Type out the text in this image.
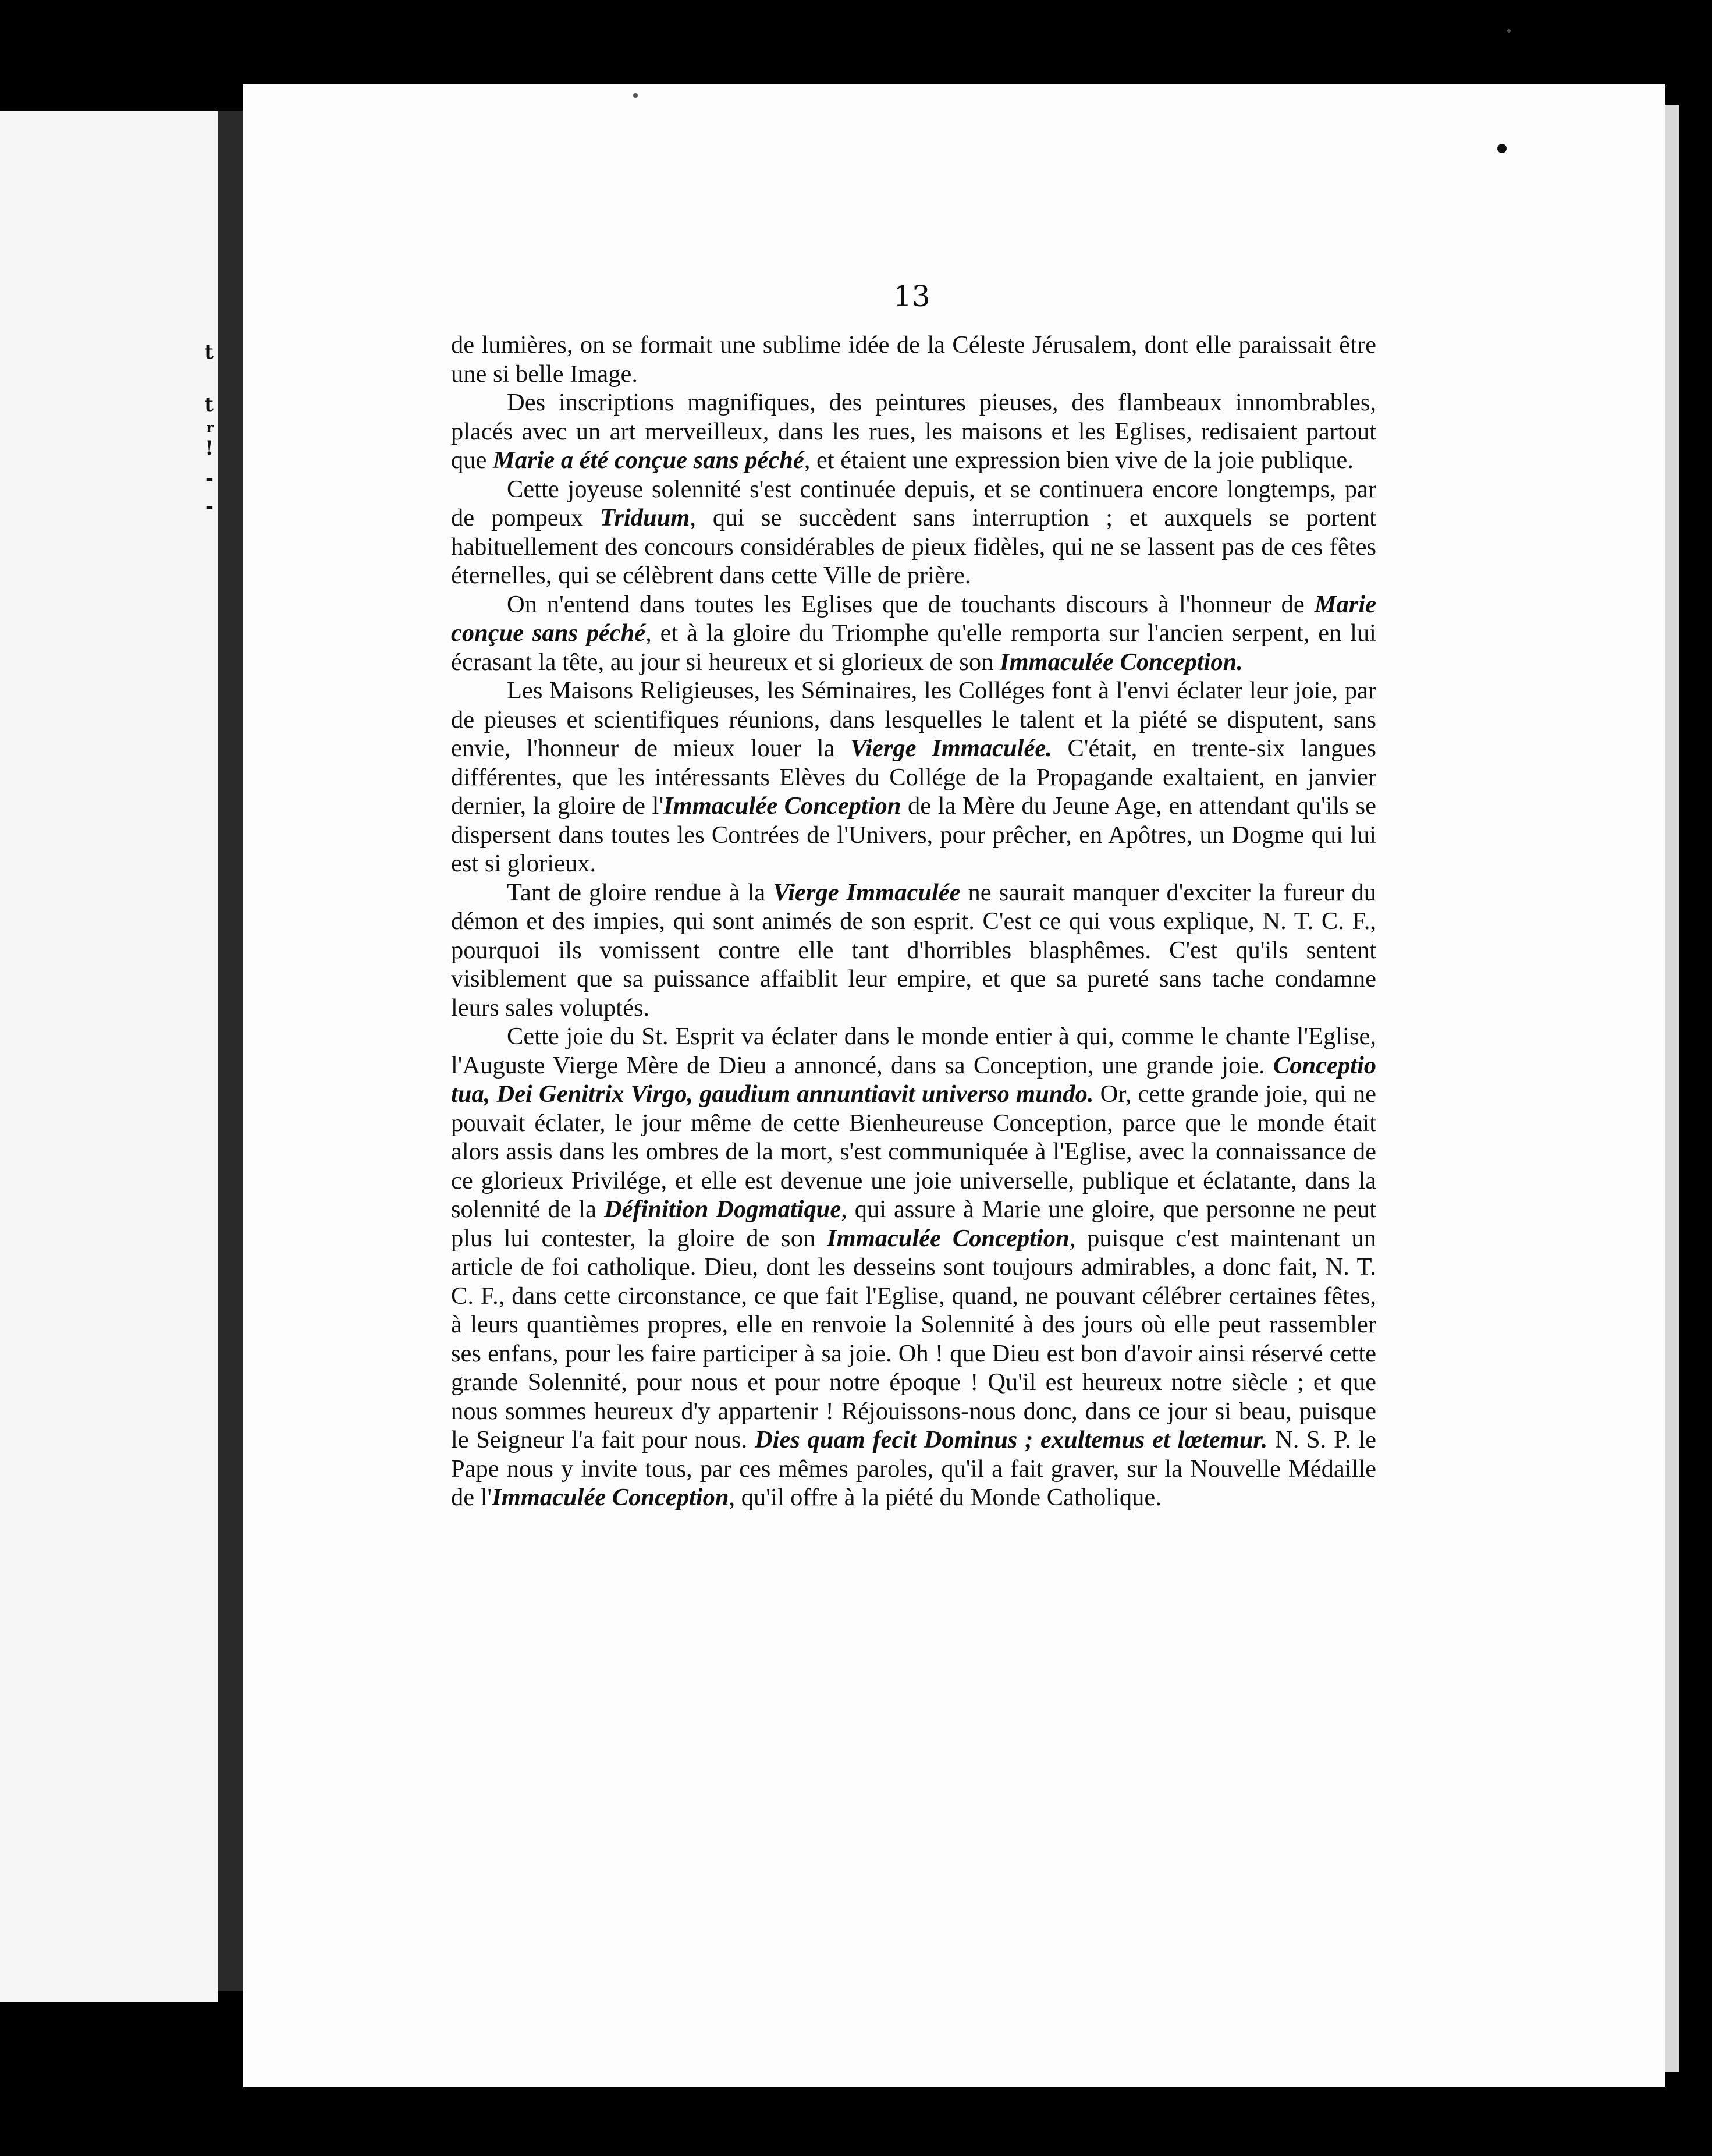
t
t
r
!
-
-
13

de lumières, on se formait une sublime idée de la Céleste Jérusalem, dont elle paraissait être une si belle Image.

Des inscriptions magnifiques, des peintures pieuses, des flambeaux innombrables, placés avec un art merveilleux, dans les rues, les maisons et les Eglises, redisaient partout que Marie a été conçue sans péché, et étaient une expression bien vive de la joie publique.

Cette joyeuse solennité s'est continuée depuis, et se continuera encore longtemps, par de pompeux Triduum, qui se succèdent sans interruption ; et auxquels se portent habituellement des concours considérables de pieux fidèles, qui ne se lassent pas de ces fêtes éternelles, qui se célèbrent dans cette Ville de prière.

On n'entend dans toutes les Eglises que de touchants discours à l'honneur de Marie conçue sans péché, et à la gloire du Triomphe qu'elle remporta sur l'ancien serpent, en lui écrasant la tête, au jour si heureux et si glorieux de son Immaculée Conception.

Les Maisons Religieuses, les Séminaires, les Colléges font à l'envi éclater leur joie, par de pieuses et scientifiques réunions, dans lesquelles le talent et la piété se disputent, sans envie, l'honneur de mieux louer la Vierge Immaculée. C'était, en trente-six langues différentes, que les intéressants Elèves du Collége de la Propagande exaltaient, en janvier dernier, la gloire de l'Immaculée Conception de la Mère du Jeune Age, en attendant qu'ils se dispersent dans toutes les Contrées de l'Univers, pour prêcher, en Apôtres, un Dogme qui lui est si glorieux.

Tant de gloire rendue à la Vierge Immaculée ne saurait manquer d'exciter la fureur du démon et des impies, qui sont animés de son esprit. C'est ce qui vous explique, N. T. C. F., pourquoi ils vomissent contre elle tant d'horribles blasphêmes. C'est qu'ils sentent visiblement que sa puissance affaiblit leur empire, et que sa pureté sans tache condamne leurs sales voluptés.

Cette joie du St. Esprit va éclater dans le monde entier à qui, comme le chante l'Eglise, l'Auguste Vierge Mère de Dieu a annoncé, dans sa Conception, une grande joie. Conceptio tua, Dei Genitrix Virgo, gaudium annuntiavit universo mundo. Or, cette grande joie, qui ne pouvait éclater, le jour même de cette Bienheureuse Conception, parce que le monde était alors assis dans les ombres de la mort, s'est communiquée à l'Eglise, avec la connaissance de ce glorieux Privilége, et elle est devenue une joie universelle, publique et éclatante, dans la solennité de la Définition Dogmatique, qui assure à Marie une gloire, que personne ne peut plus lui contester, la gloire de son Immaculée Conception, puisque c'est maintenant un article de foi catholique. Dieu, dont les desseins sont toujours admirables, a donc fait, N. T. C. F., dans cette circonstance, ce que fait l'Eglise, quand, ne pouvant célébrer certaines fêtes, à leurs quantièmes propres, elle en renvoie la Solennité à des jours où elle peut rassembler ses enfans, pour les faire participer à sa joie. Oh ! que Dieu est bon d'avoir ainsi réservé cette grande Solennité, pour nous et pour notre époque ! Qu'il est heureux notre siècle ; et que nous sommes heureux d'y appartenir ! Réjouissons-nous donc, dans ce jour si beau, puisque le Seigneur l'a fait pour nous. Dies quam fecit Dominus ; exultemus et lœtemur. N. S. P. le Pape nous y invite tous, par ces mêmes paroles, qu'il a fait graver, sur la Nouvelle Médaille de l'Immaculée Conception, qu'il offre à la piété du Monde Catholique.
